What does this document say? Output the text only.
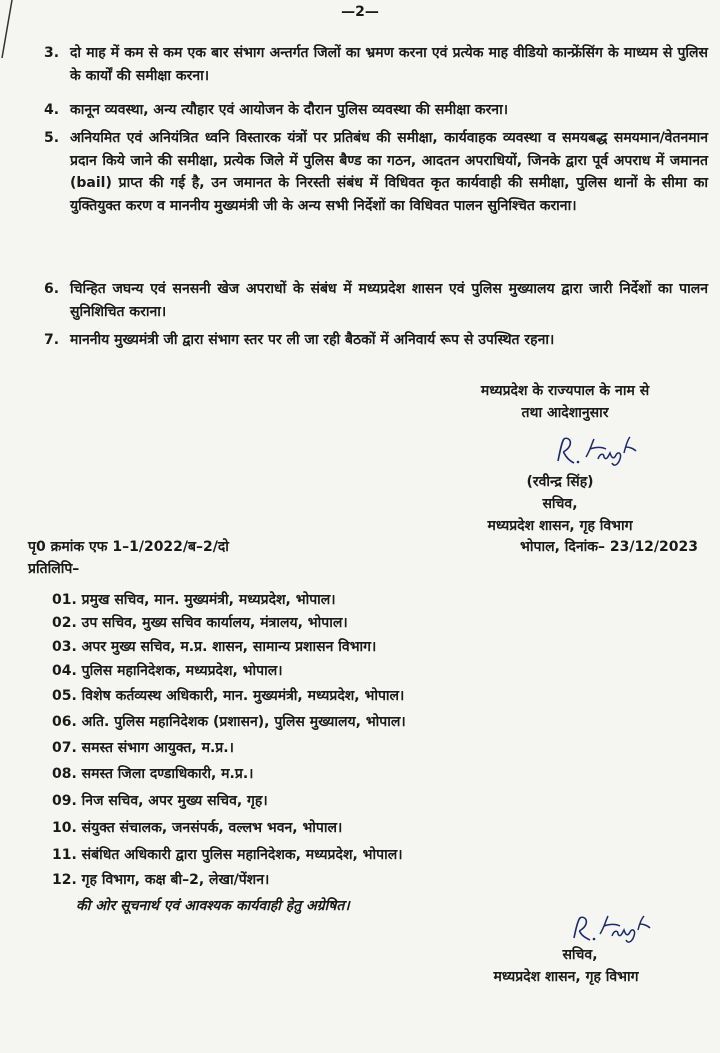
—2—
3. दो माह में कम से कम एक बार संभाग अन्तर्गत जिलों का भ्रमण करना एवं प्रत्येक माह वीडियो कान्फ्रेंसिंग के माध्यम से पुलिस के कार्यों की समीक्षा करना।
4. कानून व्यवस्था, अन्य त्यौहार एवं आयोजन के दौरान पुलिस व्यवस्था की समीक्षा करना।
5. अनियमित एवं अनियंत्रित ध्वनि विस्तारक यंत्रों पर प्रतिबंध की समीक्षा, कार्यवाहक व्यवस्था व समयबद्ध समयमान/वेतनमान प्रदान किये जाने की समीक्षा, प्रत्येक जिले में पुलिस बैण्ड का गठन, आदतन अपराधियों, जिनके द्वारा पूर्व अपराध में जमानत (bail) प्राप्त की गई है, उन जमानत के निरस्ती संबंध में विधिवत कृत कार्यवाही की समीक्षा, पुलिस थानों के सीमा का युक्तियुक्त करण व माननीय मुख्यमंत्री जी के अन्य सभी निर्देशों का विधिवत पालन सुनिश्चित कराना।
6. चिन्हित जघन्य एवं सनसनी खेज अपराधों के संबंध में मध्यप्रदेश शासन एवं पुलिस मुख्यालय द्वारा जारी निर्देशों का पालन सुनिशिचित कराना।
7. माननीय मुख्यमंत्री जी द्वारा संभाग स्तर पर ली जा रही बैठकों में अनिवार्य रूप से उपस्थित रहना।
मध्यप्रदेश के राज्यपाल के नाम से
तथा आदेशानुसार
(रवीन्द्र सिंह)
सचिव,
मध्यप्रदेश शासन, गृह विभाग
पृ0 क्रमांक एफ 1–1/2022/ब–2/दो	भोपाल, दिनांक– 23/12/2023
प्रतिलिपि–
01. प्रमुख सचिव, मान. मुख्यमंत्री, मध्यप्रदेश, भोपाल।
02. उप सचिव, मुख्य सचिव कार्यालय, मंत्रालय, भोपाल।
03. अपर मुख्य सचिव, म.प्र. शासन, सामान्य प्रशासन विभाग।
04. पुलिस महानिदेशक, मध्यप्रदेश, भोपाल।
05. विशेष कर्तव्यस्थ अधिकारी, मान. मुख्यमंत्री, मध्यप्रदेश, भोपाल।
06. अति. पुलिस महानिदेशक (प्रशासन), पुलिस मुख्यालय, भोपाल।
07. समस्त संभाग आयुक्त, म.प्र.।
08. समस्त जिला दण्डाधिकारी, म.प्र.।
09. निज सचिव, अपर मुख्य सचिव, गृह।
10. संयुक्त संचालक, जनसंपर्क, वल्लभ भवन, भोपाल।
11. संबंधित अधिकारी द्वारा पुलिस महानिदेशक, मध्यप्रदेश, भोपाल।
12. गृह विभाग, कक्ष बी–2, लेखा/पेंशन।
की ओर सूचनार्थ एवं आवश्यक कार्यवाही हेतु अग्रेषित।
सचिव,
मध्यप्रदेश शासन, गृह विभाग
